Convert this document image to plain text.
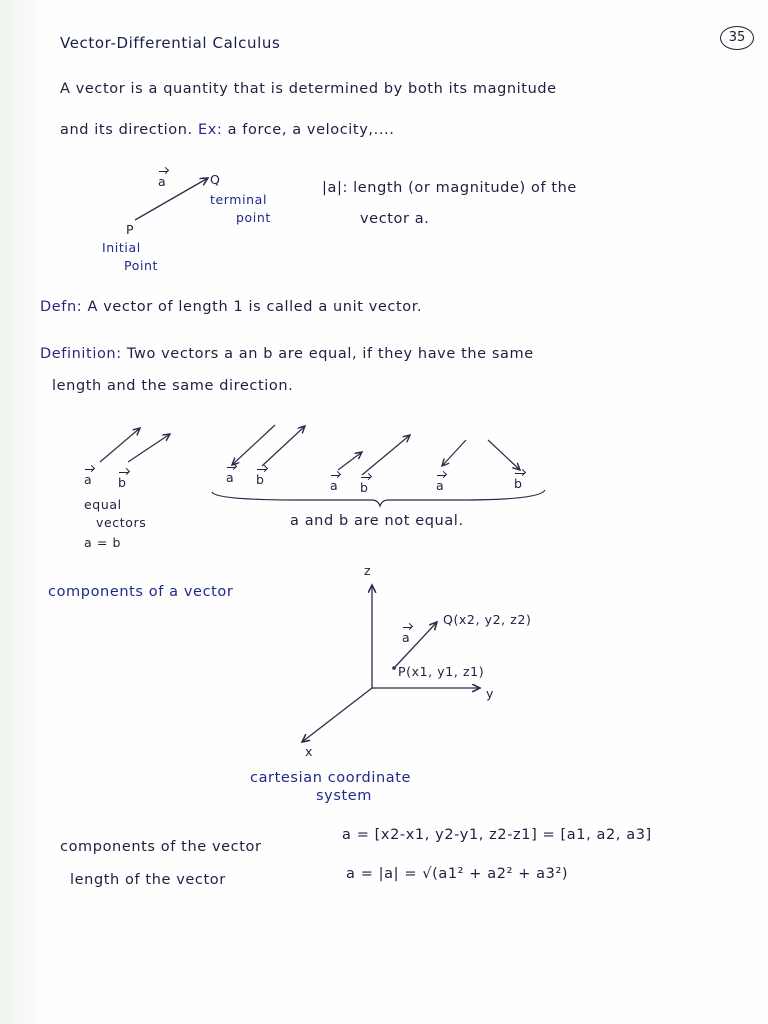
35
Vector-Differential Calculus
A vector is a quantity that is determined by both its magnitude
and its direction. Ex: a force, a velocity,....
a	Q
terminal
point
P
Initial
Point
|a|: length (or magnitude) of the
vector a.
Defn: A vector of length 1 is called a unit vector.
Definition: Two vectors a an b are equal, if they have the same
length and the same direction.
a b
equal
vectors
a = b
a b	a b	a	b
a and b are not equal.
components of a vector
z
y
x
Q(x2, y2, z2)
P(x1, y1, z1)
a
cartesian coordinate
system
components of the vector
a = [x2-x1, y2-y1, z2-z1] = [a1, a2, a3]
length of the vector	a = |a| = √(a1² + a2² + a3²)
